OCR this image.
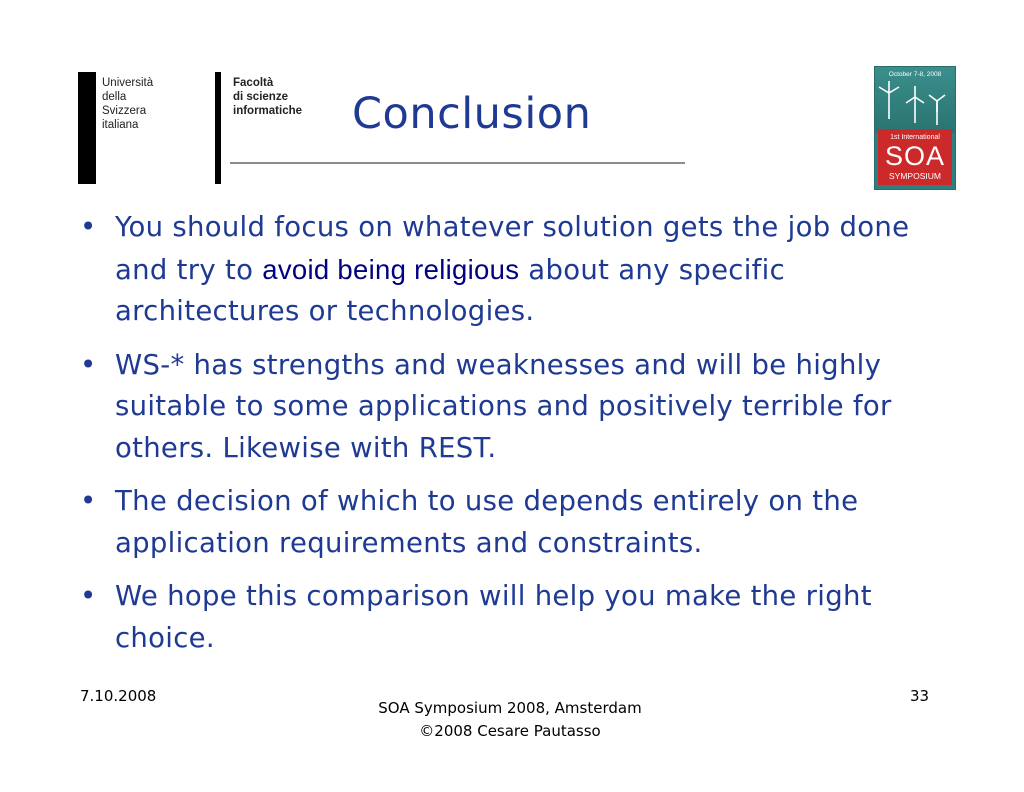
Università
della
Svizzera
italiana
Facoltà
di scienze
informatiche Conclusion
October 7-8, 2008
1st International
SOA
SYMPOSIUM
• You should focus on whatever solution gets the job done and try to avoid being religious about any specific architectures or technologies.
• WS-* has strengths and weaknesses and will be highly suitable to some applications and positively terrible for others. Likewise with REST.
• The decision of which to use depends entirely on the application requirements and constraints.
• We hope this comparison will help you make the right choice.
7.10.2008
SOA Symposium 2008, Amsterdam
©2008 Cesare Pautasso
33
